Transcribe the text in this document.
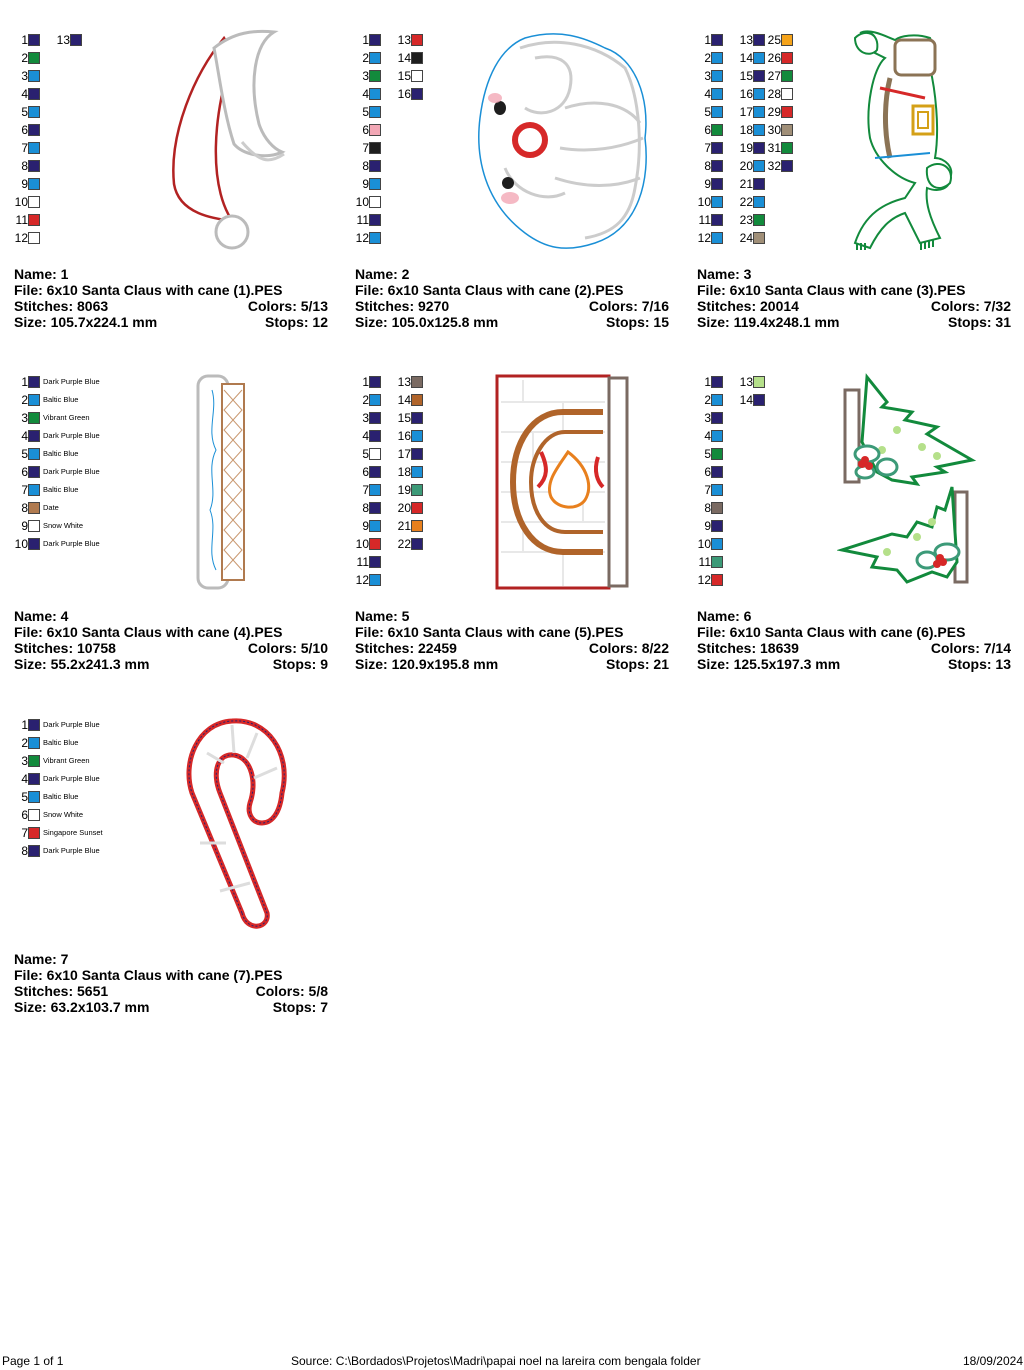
1
2
3
4
5
6
7
8
9
10
11
12
13
Name: 1
File: 6x10 Santa Claus with cane (1).PES
Stitches: 8063	Colors: 5/13
Size: 105.7x224.1 mm	Stops: 12
1
2
3
4
5
6
7
8
9
10
11
12
13
14
15
16
Name: 2
File: 6x10 Santa Claus with cane (2).PES
Stitches: 9270	Colors: 7/16
Size: 105.0x125.8 mm	Stops: 15
1
2
3
4
5
6
7
8
9
10
11
12
13
14
15
16
17
18
19
20
21
22
23
24
25
26
27
28
29
30
31
32
Name: 3
File: 6x10 Santa Claus with cane (3).PES
Stitches: 20014	Colors: 7/32
Size: 119.4x248.1 mm	Stops: 31
1 Dark Purple Blue
2 Baltic Blue
3 Vibrant Green
4 Dark Purple Blue
5 Baltic Blue
6 Dark Purple Blue
7 Baltic Blue
8 Date
9 Snow White
10 Dark Purple Blue
Name: 4
File: 6x10 Santa Claus with cane (4).PES
Stitches: 10758	Colors: 5/10
Size: 55.2x241.3 mm	Stops: 9
1
2
3
4
5
6
7
8
9
10
11
12
13
14
15
16
17
18
19
20
21
22
Name: 5
File: 6x10 Santa Claus with cane (5).PES
Stitches: 22459	Colors: 8/22
Size: 120.9x195.8 mm	Stops: 21
1
2
3
4
5
6
7
8
9
10
11
12
13
14
Name: 6
File: 6x10 Santa Claus with cane (6).PES
Stitches: 18639	Colors: 7/14
Size: 125.5x197.3 mm	Stops: 13
1 Dark Purple Blue
2 Baltic Blue
3 Vibrant Green
4 Dark Purple Blue
5 Baltic Blue
6 Snow White
7 Singapore Sunset
8 Dark Purple Blue
Name: 7
File: 6x10 Santa Claus with cane (7).PES
Stitches: 5651	Colors: 5/8
Size: 63.2x103.7 mm	Stops: 7
Page 1 of 1	Source: C:\Bordados\Projetos\Madri\papai noel na lareira com bengala folder	18/09/2024
